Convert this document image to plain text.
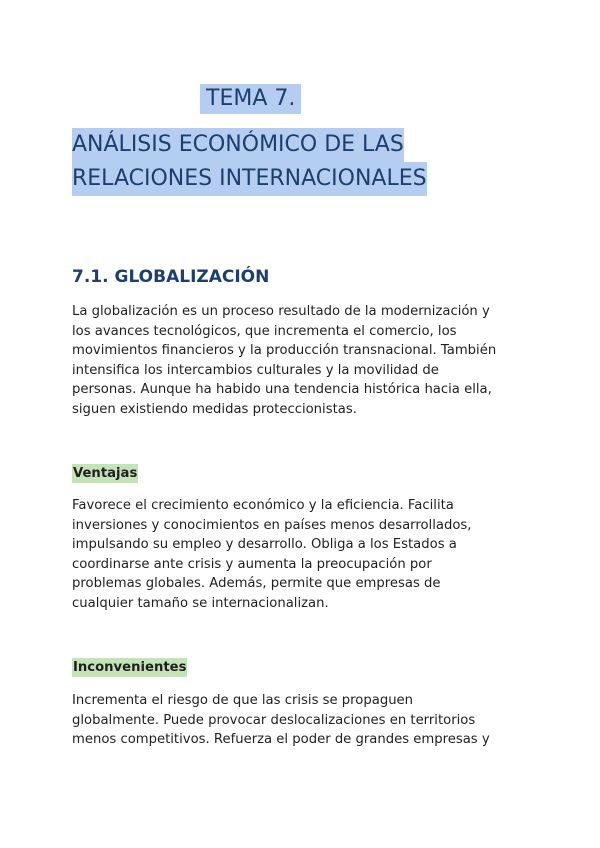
TEMA 7.
ANÁLISIS ECONÓMICO DE LAS
RELACIONES INTERNACIONALES
7.1. GLOBALIZACIÓN

La globalización es un proceso resultado de la modernización y
los avances tecnológicos, que incrementa el comercio, los
movimientos financieros y la producción transnacional. También
intensifica los intercambios culturales y la movilidad de
personas. Aunque ha habido una tendencia histórica hacia ella,
siguen existiendo medidas proteccionistas.

Ventajas

Favorece el crecimiento económico y la eficiencia. Facilita
inversiones y conocimientos en países menos desarrollados,
impulsando su empleo y desarrollo. Obliga a los Estados a
coordinarse ante crisis y aumenta la preocupación por
problemas globales. Además, permite que empresas de
cualquier tamaño se internacionalizan.

Inconvenientes

Incrementa el riesgo de que las crisis se propaguen
globalmente. Puede provocar deslocalizaciones en territorios
menos competitivos. Refuerza el poder de grandes empresas y
